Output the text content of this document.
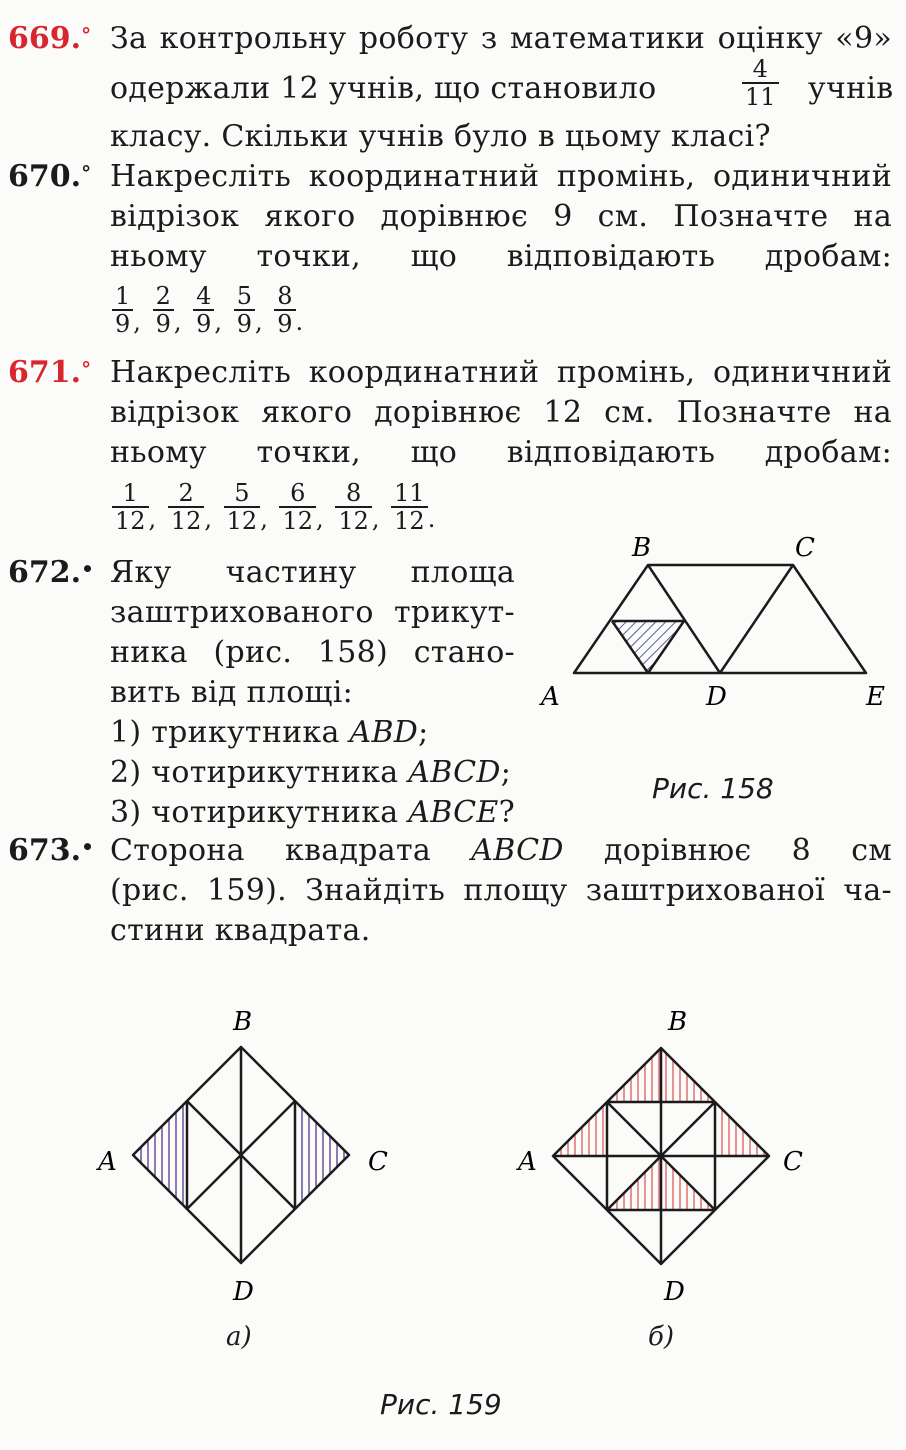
669.° За контрольну роботу з математики оцінку «9»
одержали 12 учнів, що становило	$\frac{4}{11}$ учнів
класу. Скільки учнів було в цьому класі?
670.° Накресліть координатний промінь, одиничний
відрізок якого дорівнює 9 см. Позначте на
ньому точки, що відповідають дробам:
$\frac{1}{9}$ , $\frac{2}{9}$ , $\frac{4}{9}$ , $\frac{5}{9}$ , $\frac{8}{9}$ .
671.° Накресліть координатний промінь, одиничний
відрізок якого дорівнює 12 см. Позначте на
ньому точки, що відповідають дробам:
$\frac{1}{12}$ , $\frac{2}{12}$ , $\frac{5}{12}$ , $\frac{6}{12}$ , $\frac{8}{12}$ , $\frac{11}{12}$ .
672.• Яку частину площа
заштрихованого трикут-
ника (рис. 158) стано-
вить від площі:
1) трикутника ABD;
2) чотирикутника ABCD;
3) чотирикутника ABCE?
B	C
A	D	E
Рис. 158
673.• Сторона квадрата ABCD дорівнює 8 см
(рис. 159). Знайдіть площу заштрихованої ча-
стини квадрата.
B
A	C
D
B
A	C
D
а)	б)
Рис. 159
